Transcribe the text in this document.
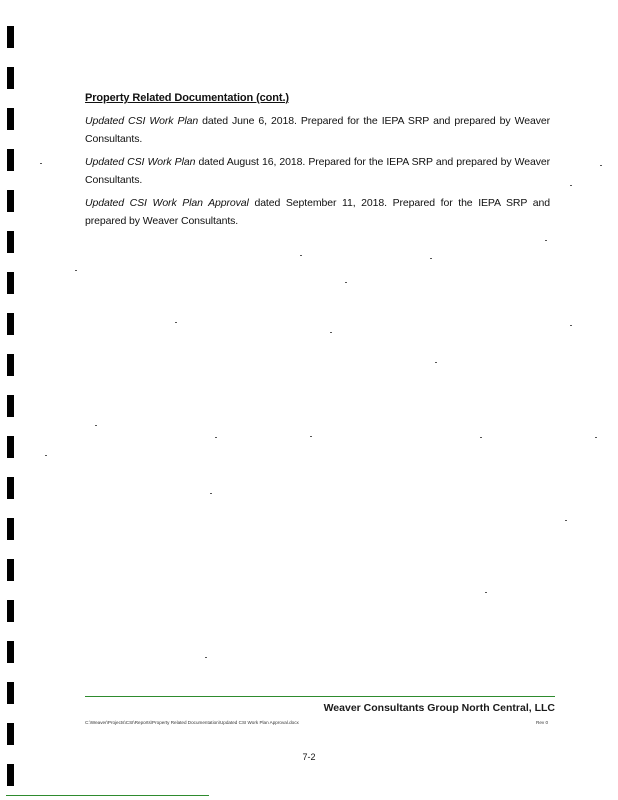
Property Related Documentation (cont.)
Updated CSI Work Plan dated June 6, 2018. Prepared for the IEPA SRP and prepared by Weaver Consultants.
Updated CSI Work Plan dated August 16, 2018. Prepared for the IEPA SRP and prepared by Weaver Consultants.
Updated CSI Work Plan Approval dated September 11, 2018. Prepared for the IEPA SRP and prepared by Weaver Consultants.
Weaver Consultants Group North Central, LLC
C:\Weaver\Projects\CSI\Reports\Property Related Documentation\Updated CSI Work Plan Approval.docx	Rev 0
7-2
